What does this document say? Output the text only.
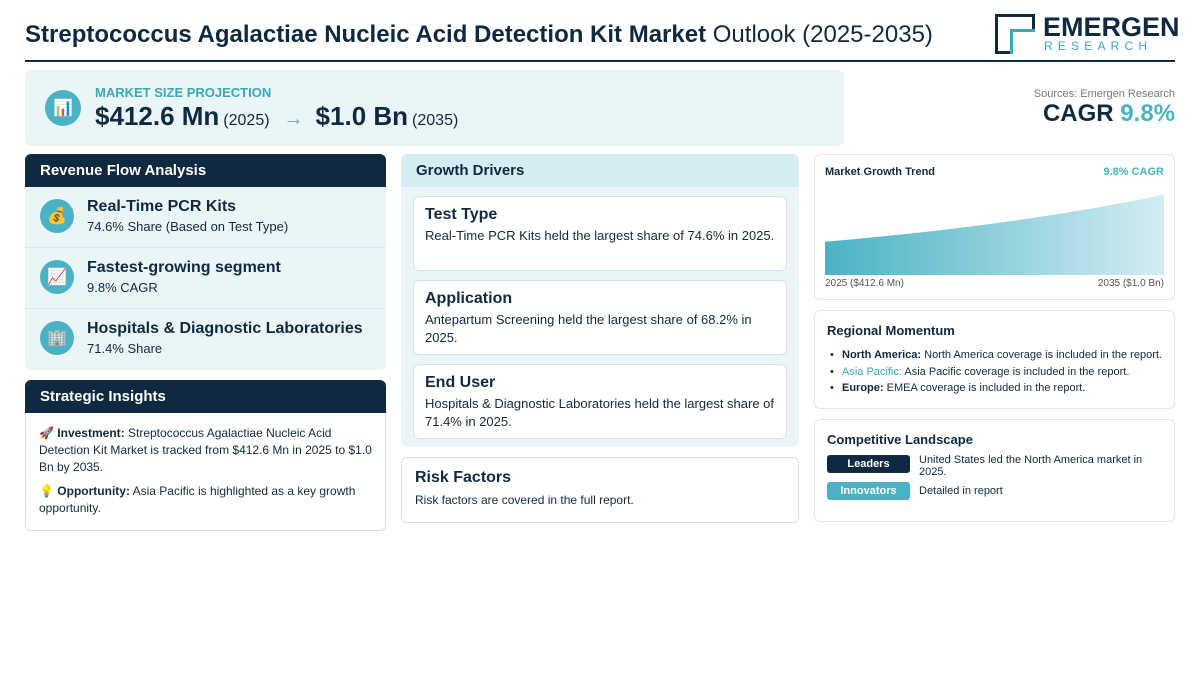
Streptococcus Agalactiae Nucleic Acid Detection Kit Market Outlook (2025-2035)	EMERGEN
RESEARCH
📊
MARKET SIZE PROJECTION
$412.6 Mn (2025) → $1.0 Bn (2035)
Sources: Emergen Research
CAGR 9.8%
Revenue Flow Analysis
💰
Real-Time PCR Kits
74.6% Share (Based on Test Type)
📈
Fastest-growing segment
9.8% CAGR
🏢
Hospitals & Diagnostic Laboratories
71.4% Share
Strategic Insights

🚀 Investment: Streptococcus Agalactiae Nucleic Acid Detection Kit Market is tracked from $412.6 Mn in 2025 to $1.0 Bn by 2035.

💡 Opportunity: Asia Pacific is highlighted as a key growth opportunity.

Growth Drivers
Test Type

Real-Time PCR Kits held the largest share of 74.6% in 2025.

Application

Antepartum Screening held the largest share of 68.2% in 2025.

End User

Hospitals & Diagnostic Laboratories held the largest share of 71.4% in 2025.

Risk Factors

Risk factors are covered in the full report.

Market Growth Trend	9.8% CAGR
2025 ($412.6 Mn)	2035 ($1.0 Bn)
Regional Momentum
• North America: North America coverage is included in the report.
• Asia Pacific: Asia Pacific coverage is included in the report.
• Europe: EMEA coverage is included in the report.
Competitive Landscape
Leaders	United States led the North America market in 2025.
Innovators	Detailed in report
